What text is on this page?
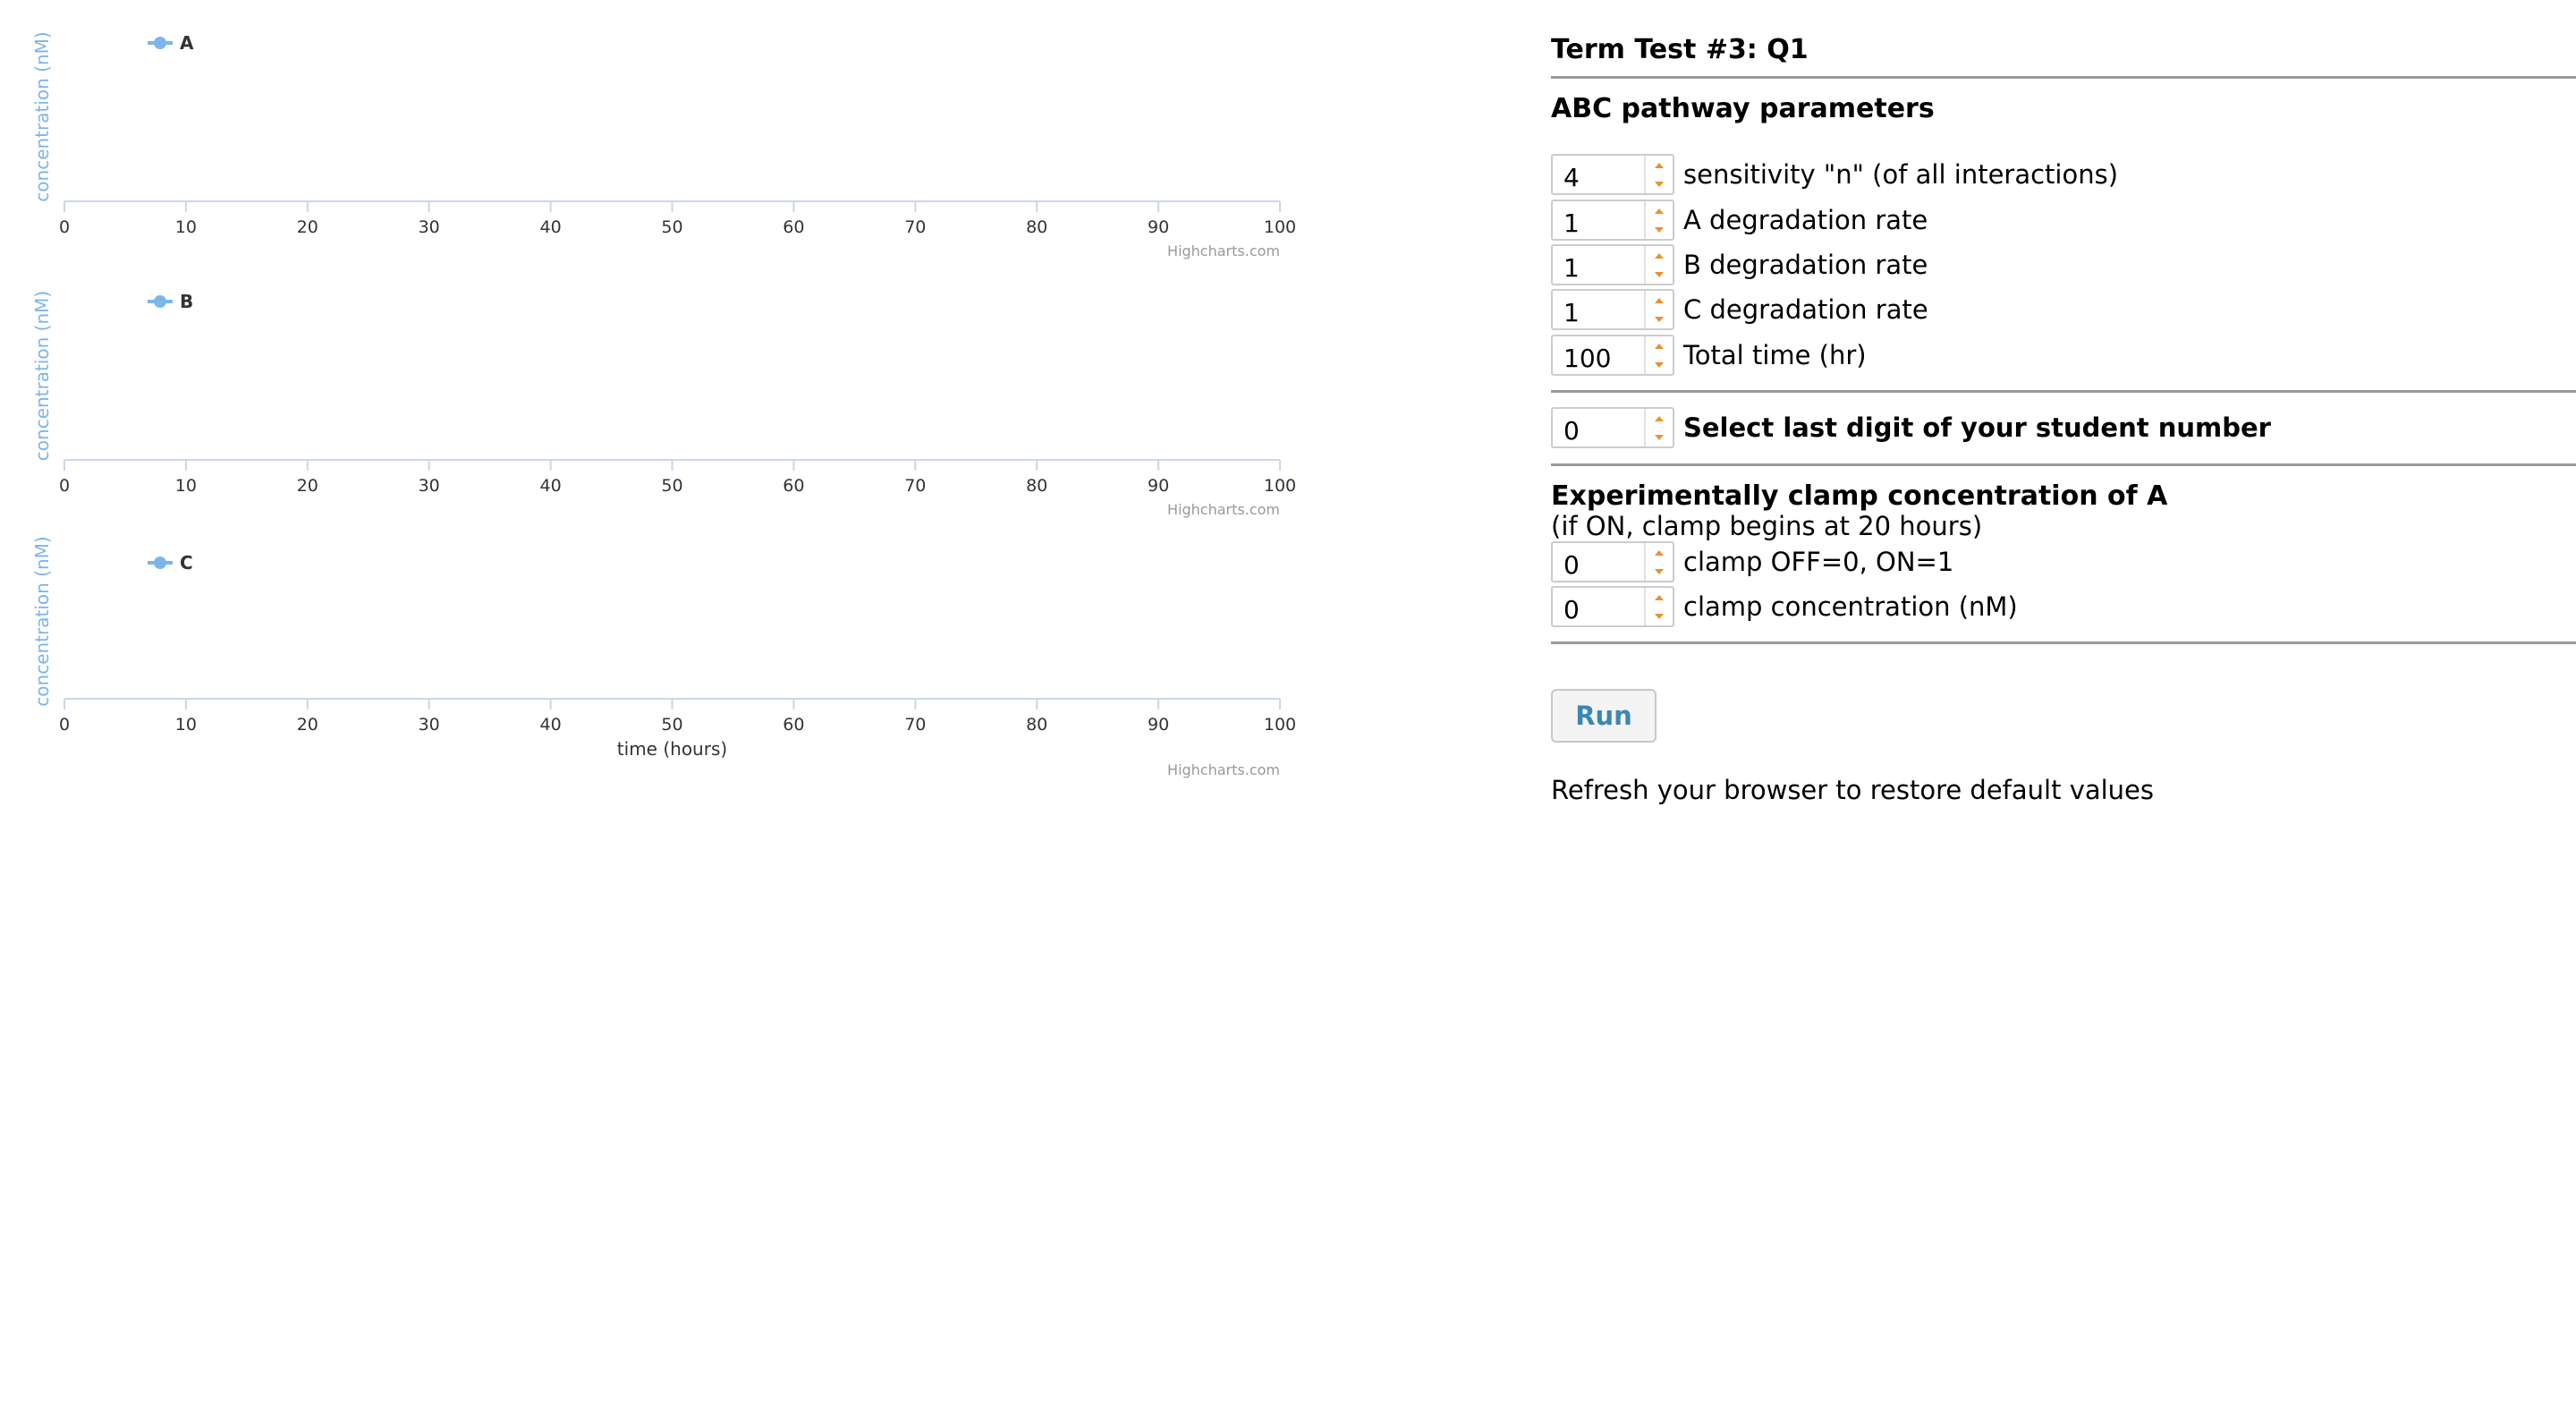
concentration (nM)
0	10	20	30	40	50	60	70	80	90	100
A
Highcharts.com
concentration (nM)
0	10	20	30	40	50	60	70	80	90	100
B
Highcharts.com
concentration (nM)
0	10	20	30	40	50	60	70	80	90	100
time (hours)
C
Highcharts.com
Term Test #3: Q1
ABC pathway parameters
4	sensitivity "n" (of all interactions)
1	A degradation rate
1	B degradation rate
1	C degradation rate
100	Total time (hr)
0	Select last digit of your student number
Experimentally clamp concentration of A
(if ON, clamp begins at 20 hours)
0	clamp OFF=0, ON=1
0	clamp concentration (nM)
Run
Refresh your browser to restore default values
